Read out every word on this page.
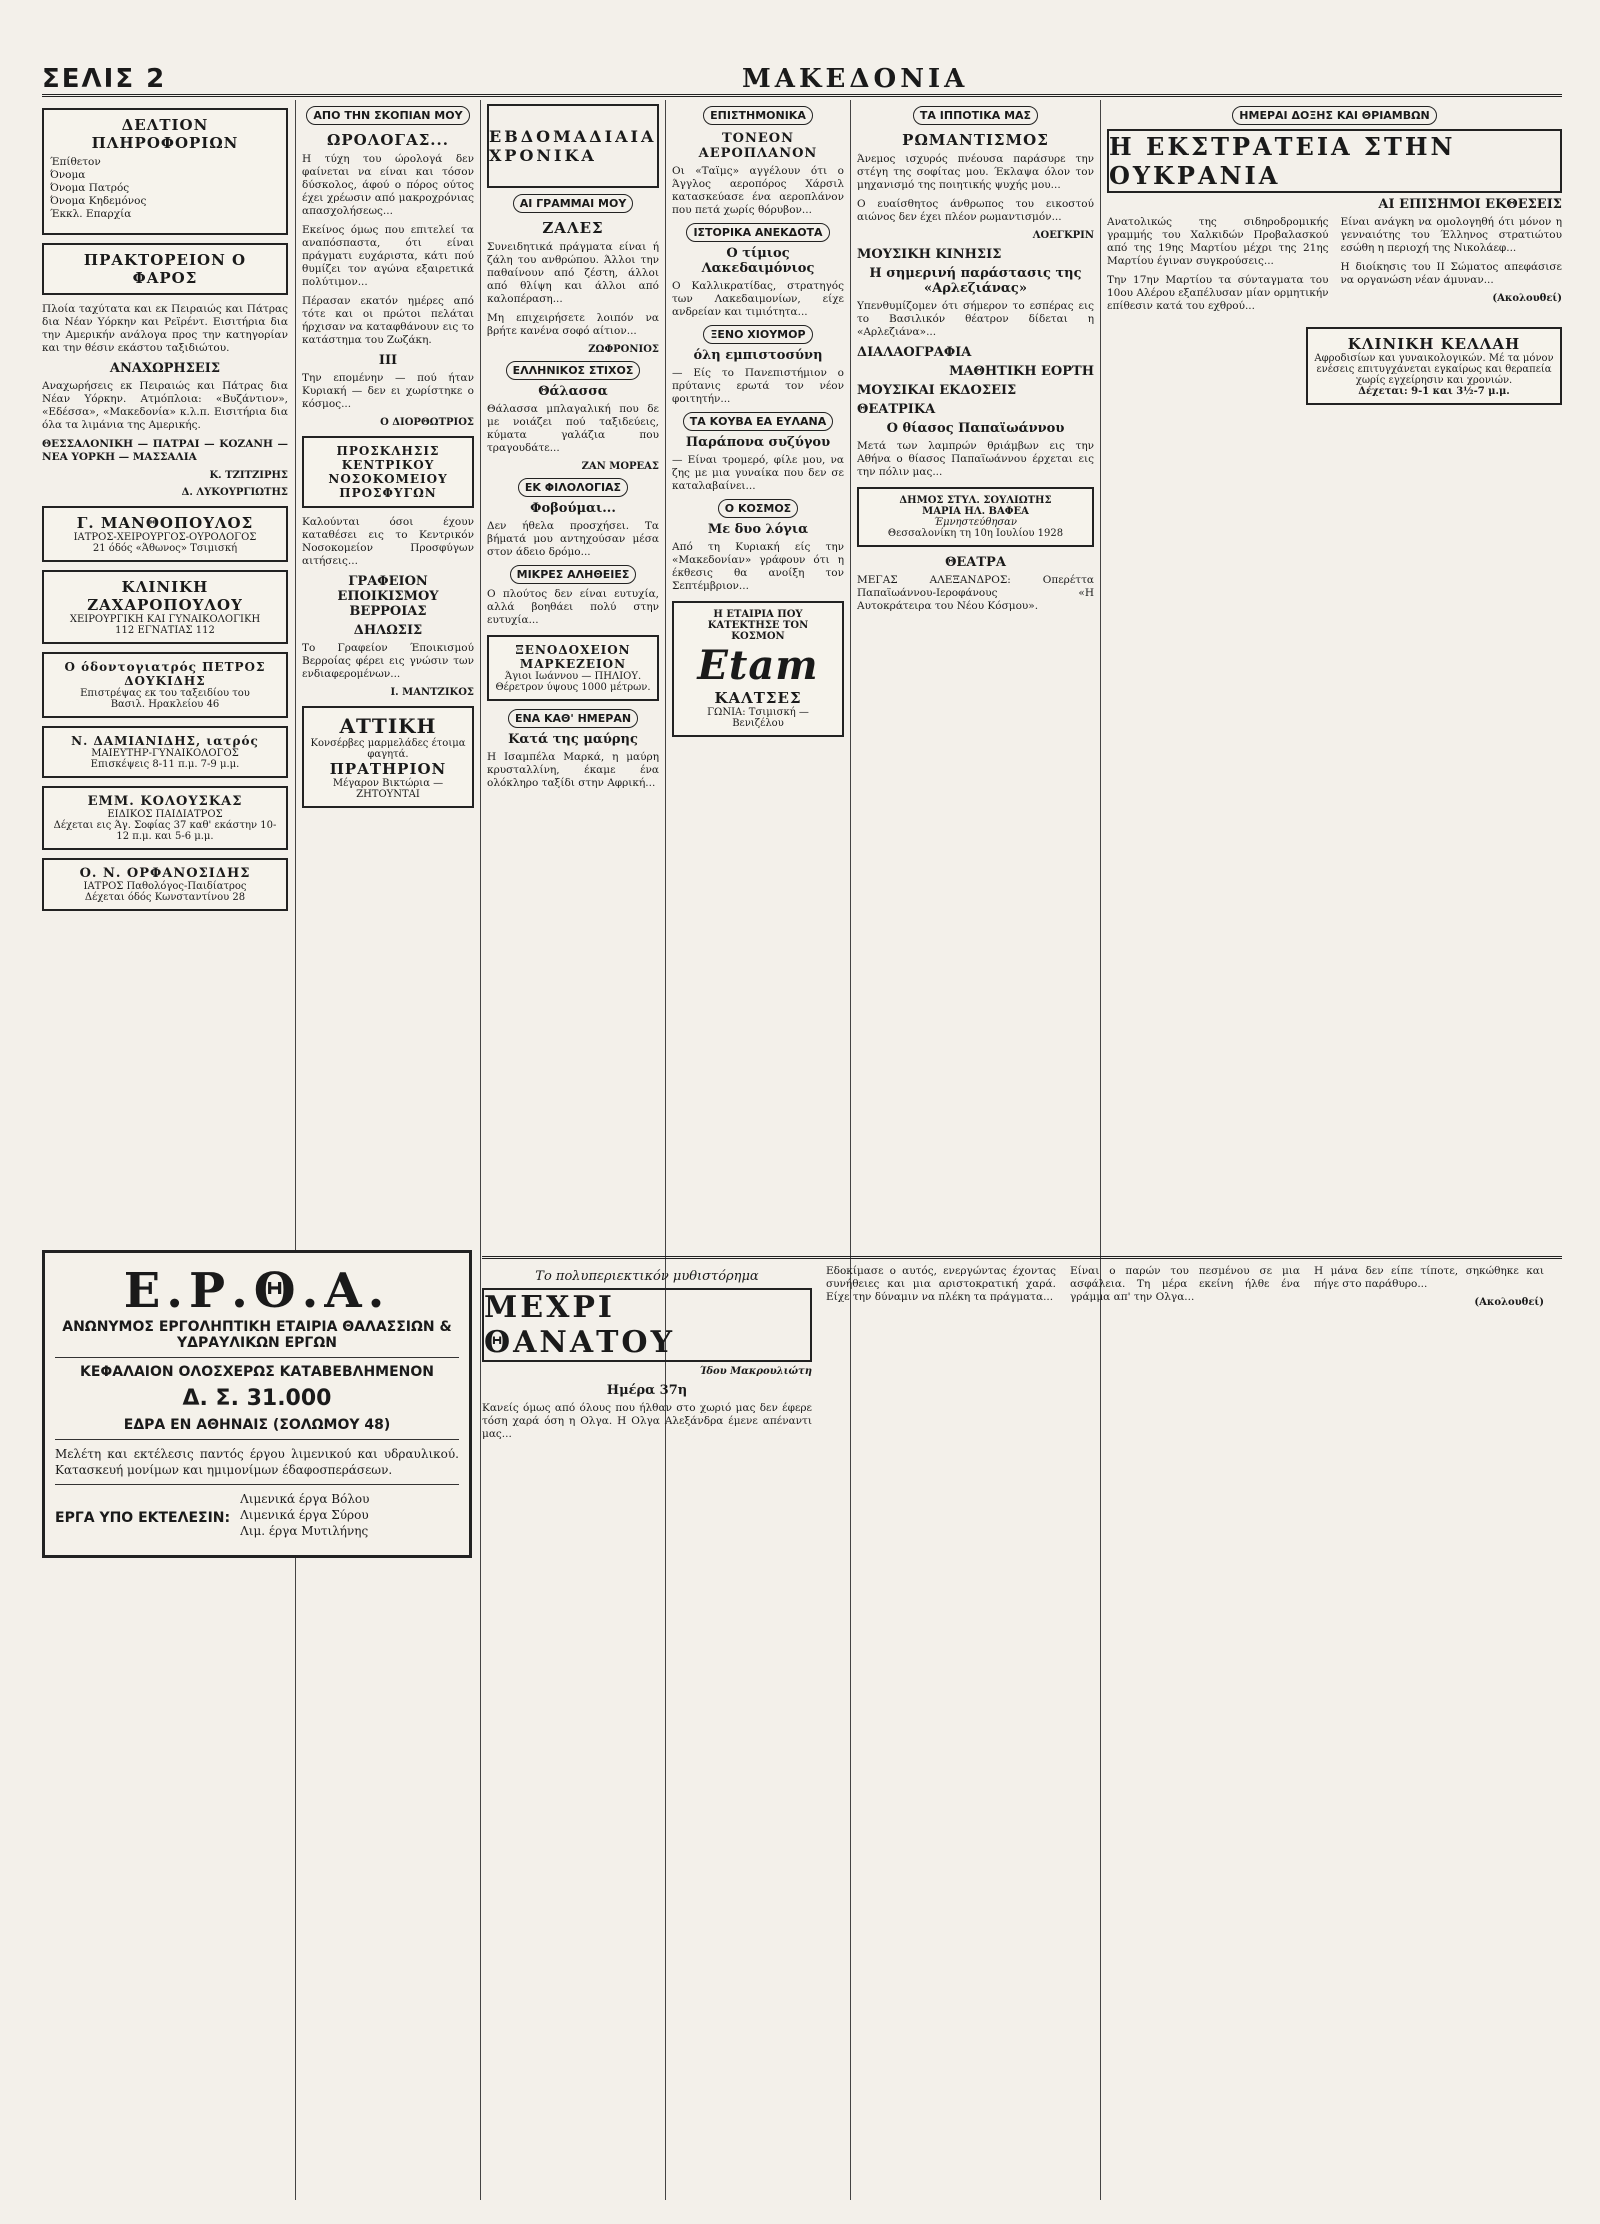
ΣΕΛΙΣ 2	ΜΑΚΕΔΟΝΙΑ
ΔΕΛΤΙΟΝ ΠΛΗΡΟΦΟΡΙΩΝ
Έπίθετον
Όνομα
Όνομα Πατρός
Όνομα Κηδεμόνος
Έκκλ. Επαρχία
ΠΡΑΚΤΟΡΕΙΟΝ Ο ΦΑΡΟΣ

Πλοία ταχύτατα και εκ Πειραιώς και Πάτρας δια Νέαν Υόρκην και Ρεϊρέντ. Εισιτήρια δια την Αμερικήν ανάλογα προς την κατηγορίαν και την θέσιν εκάστου ταξιδιώτου.

ΑΝΑΧΩΡΗΣΕΙΣ

Αναχωρήσεις εκ Πειραιώς και Πάτρας δια Νέαν Υόρκην. Ατμόπλοια: «Βυζάντιον», «Εδέσσα», «Μακεδονία» κ.λ.π. Εισιτήρια δια όλα τα λιμάνια της Αμερικής.

ΘΕΣΣΑΛΟΝΙΚΗ — ΠΑΤΡΑΙ — ΚΟΖΑΝΗ — ΝΕΑ ΥΟΡΚΗ — ΜΑΣΣΑΛΙΑ

Κ. ΤΖΙΤΖΙΡΗΣ
Δ. ΛΥΚΟΥΡΓΙΩΤΗΣ
Γ. ΜΑΝΘΟΠΟΥΛΟΣ
ΙΑΤΡΟΣ-ΧΕΙΡΟΥΡΓΟΣ-ΟΥΡΟΛΟΓΟΣ
21 όδός «Άθωνος» Τσιμισκή
ΚΛΙΝΙΚΗ ΖΑΧΑΡΟΠΟΥΛΟΥ
ΧΕΙΡΟΥΡΓΙΚΗ ΚΑΙ ΓΥΝΑΙΚΟΛΟΓΙΚΗ
112 ΕΓΝΑΤΙΑΣ 112
Ο όδοντογιατρός ΠΕΤΡΟΣ ΔΟΥΚΙΔΗΣ
Επιστρέψας εκ του ταξειδίου του
Βασιλ. Ηρακλείου 46
Ν. ΔΑΜΙΑΝΙΔΗΣ, ιατρός
ΜΑΙΕΥΤΗΡ-ΓΥΝΑΙΚΟΛΟΓΟΣ
Επισκέψεις 8-11 π.μ. 7-9 μ.μ.
ΕΜΜ. ΚΟΛΟΥΣΚΑΣ
ΕΙΔΙΚΟΣ ΠΑΙΔΙΑΤΡΟΣ
Δέχεται εις Άγ. Σοφίας 37 καθ' εκάστην 10-12 π.μ. και 5-6 μ.μ.
Ο. Ν. ΟΡΦΑΝΟΣΙΔΗΣ
ΙΑΤΡΟΣ Παθολόγος-Παιδίατρος
Δέχεται όδός Κωνσταντίνου 28
ΑΠΟ ΤΗΝ ΣΚΟΠΙΑΝ ΜΟΥ
ΩΡΟΛΟΓΑΣ...

Η τύχη του ώρολογά δεν φαίνεται να είναι και τόσον δύσκολος, άφού ο πόρος ούτος έχει χρέωσιν από μακροχρόνιας απασχολήσεως...

Εκείνος όμως που επιτελεί τα αναπόσπαστα, ότι είναι πράγματι ευχάριστα, κάτι πού θυμίζει τον αγώνα εξαιρετικά πολύτιμον...

Πέρασαν εκατόν ημέρες από τότε και οι πρώτοι πελάται ήρχισαν να καταφθάνουν εις το κατάστημα του Ζωζάκη.

ΙΙΙ

Την επομένην — πού ήταν Κυριακή — δεν ει χωρίστηκε ο κόσμος...

Ο ΔΙΟΡΘΩΤΡΙΟΣ
ΠΡΟΣΚΛΗΣΙΣ ΚΕΝΤΡΙΚΟΥ ΝΟΣΟΚΟΜΕΙΟΥ ΠΡΟΣΦΥΓΩΝ

Καλούνται όσοι έχουν καταθέσει εις το Κεντρικόν Νοσοκομείον Προσφύγων αιτήσεις...

ΓΡΑΦΕΙΟΝ ΕΠΟΙΚΙΣΜΟΥ ΒΕΡΡΟΙΑΣ
ΔΗΛΩΣΙΣ

Το Γραφείον Έποικισμού Βερροίας φέρει εις γνώσιν των ενδιαφερομένων...

Ι. ΜΑΝΤΖΙΚΟΣ
ΑΤΤΙΚΗ
Κονσέρβες μαρμελάδες έτοιμα φαγητά.
ΠΡΑΤΗΡΙΟΝ
Μέγαρον Βικτώρια — ΖΗΤΟΥΝΤΑΙ
ΕΒΔΟΜΑΔΙΑΙΑ ΧΡΟΝΙΚΑ
ΑΙ ΓΡΑΜΜΑΙ ΜΟΥ
ΖΑΛΕΣ

Συνειδητικά πράγματα είναι ή ζάλη του ανθρώπου. Άλλοι την παθαίνουν από ζέστη, άλλοι από θλίψη και άλλοι από καλοπέραση...

Μη επιχειρήσετε λοιπόν να βρήτε κανένα σοφό αίτιον...

ΖΩΦΡΟΝΙΟΣ
ΕΛΛΗΝΙΚΟΣ ΣΤΙΧΟΣ
Θάλασσα

Θάλασσα μπλαγαλική που δε με νοιάζει πού ταξιδεύεις, κύματα γαλάζια που τραγουδάτε...

ΖΑΝ ΜΟΡΕΑΣ
ΕΚ ΦΙΛΟΛΟΓΙΑΣ
Φοβούμαι...

Δεν ήθελα προσχήσει. Τα βήματά μου αντηχούσαν μέσα στον άδειο δρόμο...

ΜΙΚΡΕΣ ΑΛΗΘΕΙΕΣ

Ο πλούτος δεν είναι ευτυχία, αλλά βοηθάει πολύ στην ευτυχία...

ΞΕΝΟΔΟΧΕΙΟΝ ΜΑΡΚΕΖΕΙΟΝ
Άγιοι Ιωάννου — ΠΗΛΙΟΥ. Θέρετρον ύψους 1000 μέτρων.
ΕΝΑ ΚΑΘ' ΗΜΕΡΑΝ
Κατά της μαύρης

Η Ισαμπέλα Μαρκά, η μαύρη κρυσταλλίνη, έκαμε ένα ολόκληρο ταξίδι στην Αφρική...

ΕΠΙΣΤΗΜΟΝΙΚΑ
ΤΟΝΕΟΝ ΑΕΡΟΠΛΑΝΟΝ

Οι «Ταϊμς» αγγέλουν ότι ο Άγγλος αεροπόρος Χάρσιλ κατασκεύασε ένα αεροπλάνον που πετά χωρίς θόρυβον...

ΙΣΤΟΡΙΚΑ ΑΝΕΚΔΟΤΑ
Ο τίμιος Λακεδαιμόνιος

Ο Καλλικρατίδας, στρατηγός των Λακεδαιμονίων, είχε ανδρείαν και τιμιότητα...

ΞΕΝΟ ΧΙΟΥΜΟΡ
όλη εμπιστοσύνη

— Είς το Πανεπιστήμιον ο πρύτανις ερωτά τον νέον φοιτητήν...

ΤΑ ΚΟΥΒΑ ΕΑ ΕΥΛΑΝΑ
Παράπονα συζύγου

— Είναι τρομερό, φίλε μου, να ζης με μια γυναίκα που δεν σε καταλαβαίνει...

Ο ΚΟΣΜΟΣ
Με δυο λόγια

Από τη Κυριακή είς την «Μακεδονίαν» γράφουν ότι η έκθεσις θα ανοίξη τον Σεπτέμβριον...

Η ΕΤΑΙΡΙΑ ΠΟΥ ΚΑΤΕΚΤΗΣΕ ΤΟΝ ΚΟΣΜΟΝ
Etam
ΚΑΛΤΣΕΣ
ΓΩΝΙΑ: Τσιμισκή — Βενιζέλου
ΤΑ ΙΠΠΟΤΙΚΑ ΜΑΣ
ΡΩΜΑΝΤΙΣΜΟΣ

Άνεμος ισχυρός πνέουσα παράσυρε την στέγη της σοφίτας μου. Έκλαψα όλον τον μηχανισμό της ποιητικής ψυχής μου...

Ο ευαίσθητος άνθρωπος του εικοστού αιώνος δεν έχει πλέον ρωμαντισμόν...

ΛΟΕΓΚΡΙΝ
ΜΟΥΣΙΚΗ ΚΙΝΗΣΙΣ
Η σημερινή παράστασις της «Αρλεζιάνας»

Υπενθυμίζομεν ότι σήμερον το εσπέρας εις το Βασιλικόν θέατρον δίδεται η «Αρλεζιάνα»...

ΔΙΑΛΑΟΓΡΑΦΙΑ
ΜΑΘΗΤΙΚΗ ΕΟΡΤΗ
ΜΟΥΣΙΚΑΙ ΕΚΔΟΣΕΙΣ
ΘΕΑΤΡΙΚΑ
Ο θίασος Παπαϊωάννου

Μετά των λαμπρών θριάμβων εις την Αθήνα ο θίασος Παπαϊωάννου έρχεται εις την πόλιν μας...

ΔΗΜΟΣ ΣΤΥΛ. ΣΟΥΛΙΩΤΗΣ
ΜΑΡΙΑ ΗΛ. ΒΑΦΕΑ
Έμνηστεύθησαν
Θεσσαλονίκη τη 10η Ιουλίου 1928
ΘΕΑΤΡΑ

ΜΕΓΑΣ ΑΛΕΞΑΝΔΡΟΣ: Οπερέττα Παπαϊωάννου-Ιεροφάνους «Η Αυτοκράτειρα του Νέου Κόσμου».

ΗΜΕΡΑΙ ΔΟΞΗΣ ΚΑΙ ΘΡΙΑΜΒΩΝ
Η ΕΚΣΤΡΑΤΕΙΑ ΣΤΗΝ ΟΥΚΡΑΝΙΑ
ΑΙ ΕΠΙΣΗΜΟΙ ΕΚΘΕΣΕΙΣ

Ανατολικώς της σιδηροδρομικής γραμμής του Χαλκιδών Προβαλασκού από της 19ης Μαρτίου μέχρι της 21ης Μαρτίου έγιναν συγκρούσεις...

Την 17ην Μαρτίου τα σύνταγματα του 10ου Αλέρου εξαπέλυσαν μίαν ορμητικήν επίθεσιν κατά του εχθρού...

Είναι ανάγκη να ομολογηθή ότι μόνον η γενναιότης του Έλληνος στρατιώτου εσώθη η περιοχή της Νικολάεφ...

Η διοίκησις του ΙΙ Σώματος απεφάσισε να οργανώση νέαν άμυναν...

(Ακολουθεί)
ΚΛΙΝΙΚΗ ΚΕΛΛΑΗ
Αφροδισίων και γυναικολογικών. Μέ τα μόνον ενέσεις επιτυγχάνεται εγκαίρως και θεραπεία χωρίς εγχείρησιν και χρονιών.
Δέχεται: 9-1 και 3½-7 μ.μ.
Ε.Ρ.Θ.Α.
ΑΝΩΝΥΜΟΣ ΕΡΓΟΛΗΠΤΙΚΗ ΕΤΑΙΡΙΑ ΘΑΛΑΣΣΙΩΝ & ΥΔΡΑΥΛΙΚΩΝ ΕΡΓΩΝ
ΚΕΦΑΛΑΙΟΝ ΟΛΟΣΧΕΡΩΣ ΚΑΤΑΒΕΒΛΗΜΕΝΟΝ
Δ. Σ. 31.000
ΕΔΡΑ ΕΝ ΑΘΗΝΑΙΣ (ΣΟΛΩΜΟΥ 48)

Μελέτη και εκτέλεσις παντός έργου λιμενικού και υδραυλικού. Κατασκευή μονίμων και ημιμονίμων έδαφοσπεράσεων.

ΕΡΓΑ ΥΠΟ ΕΚΤΕΛΕΣΙΝ:
Λιμενικά έργα Βόλου
Λιμενικά έργα Σύρου
Λιμ. έργα Μυτιλήνης
Το πολυπεριεκτικόν μυθιστόρημα
ΜΕΧΡΙ ΘΑΝΑΤΟΥ
Ίδου Μακρουλιώτη
Ημέρα 37η

Κανείς όμως από όλους που ήλθαν στο χωριό μας δεν έφερε τόση χαρά όση η Ολγα. Η Ολγα Αλεξάνδρα έμενε απέναντι μας...

Εδοκίμασε ο αυτός, ενεργώντας έχοντας συνήθειες και μια αριστοκρατική χαρά. Είχε την δύναμιν να πλέκη τα πράγματα...

Είναι ο παρών του πεσμένου σε μια ασφάλεια. Τη μέρα εκείνη ήλθε ένα γράμμα απ' την Ολγα...

Η μάνα δεν είπε τίποτε, σηκώθηκε και πήγε στο παράθυρο...

(Ακολουθεί)
